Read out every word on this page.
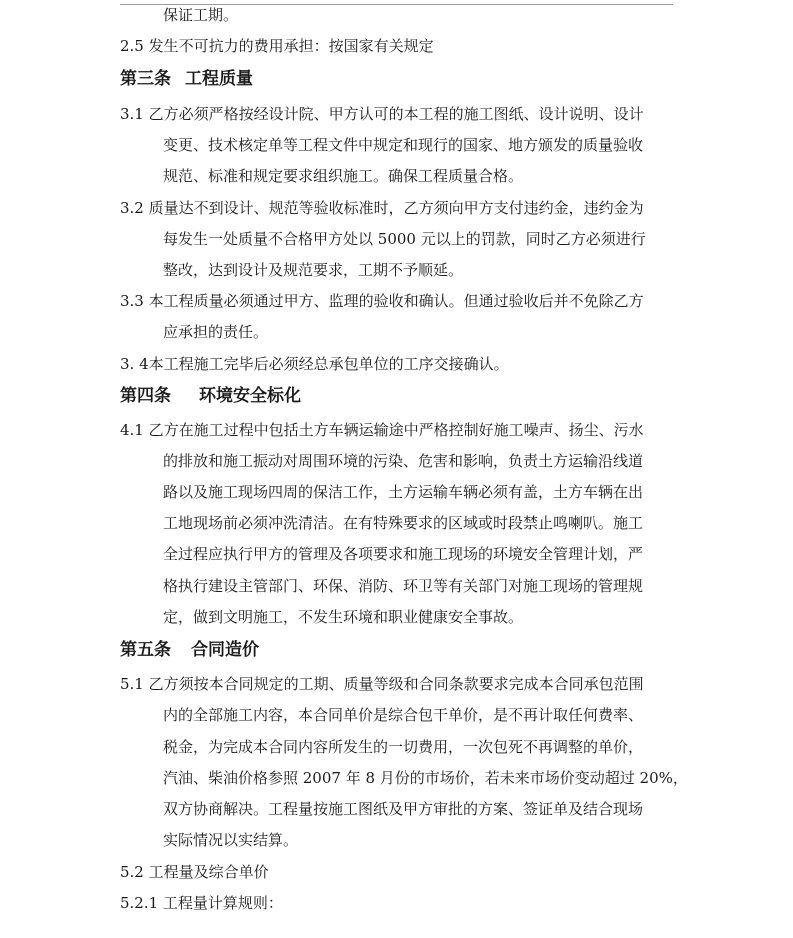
保证工期。
2.5 发生不可抗力的费用承担：按国家有关规定
第三条 工程质量
3.1 乙方必须严格按经设计院、甲方认可的本工程的施工图纸、设计说明、设计
变更、技术核定单等工程文件中规定和现行的国家、地方颁发的质量验收
规范、标准和规定要求组织施工。确保工程质量合格。
3.2 质量达不到设计、规范等验收标准时，乙方须向甲方支付违约金，违约金为
每发生一处质量不合格甲方处以 5000 元以上的罚款，同时乙方必须进行
整改，达到设计及规范要求，工期不予顺延。
3.3 本工程质量必须通过甲方、监理的验收和确认。但通过验收后并不免除乙方
应承担的责任。
3. 4本工程施工完毕后必须经总承包单位的工序交接确认。
第四条 环境安全标化
4.1 乙方在施工过程中包括土方车辆运输途中严格控制好施工噪声、扬尘、污水
的排放和施工振动对周围环境的污染、危害和影响，负责土方运输沿线道
路以及施工现场四周的保洁工作，土方运输车辆必须有盖，土方车辆在出
工地现场前必须冲洗清洁。在有特殊要求的区域或时段禁止鸣喇叭。施工
全过程应执行甲方的管理及各项要求和施工现场的环境安全管理计划，严
格执行建设主管部门、环保、消防、环卫等有关部门对施工现场的管理规
定，做到文明施工，不发生环境和职业健康安全事故。
第五条 合同造价
5.1 乙方须按本合同规定的工期、质量等级和合同条款要求完成本合同承包范围
内的全部施工内容，本合同单价是综合包干单价，是不再计取任何费率、
税金，为完成本合同内容所发生的一切费用，一次包死不再调整的单价，
汽油、柴油价格参照 2007 年 8 月份的市场价，若未来市场价变动超过 20%，
双方协商解决。工程量按施工图纸及甲方审批的方案、签证单及结合现场
实际情况以实结算。
5.2 工程量及综合单价
5.2.1 工程量计算规则：
